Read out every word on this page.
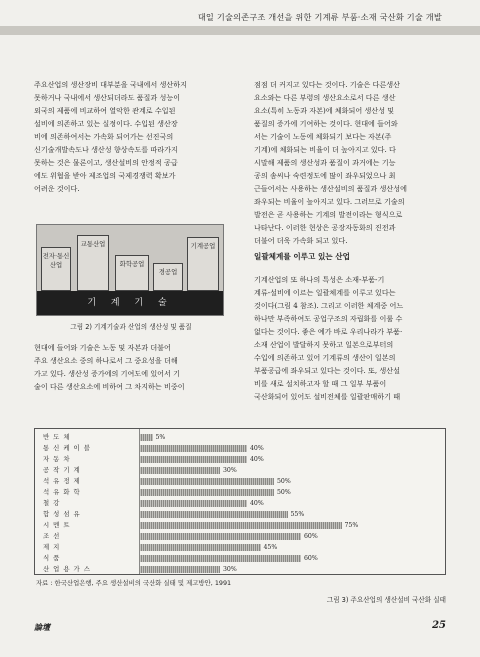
대일 기술의존구조 개선을 위한 기계류 부품·소재 국산화 기술 개발

주요산업의 생산장비 대부분을 국내에서 생산하지

못하거나 국내에서 생산되더라도 품질과 성능이

외국의 제품에 비교하여 열악한 관계로 수입된

설비에 의존하고 있는 실정이다. 수입된 생산장

비에 의존하여서는 가속화 되어가는 선진국의

신기술개발속도나 생산성 향상속도를 따라가지

못하는 것은 물론이고, 생산설비의 안정적 공급

에도 위협을 받아 제조업의 국제경쟁력 확보가

어려운 것이다.

전자·통신산업
교통산업
화학공업
경공업
기계공업
기 계 기 술
그림 2) 기계기술과 산업의 생산성 및 품질

현대에 들어와 기술은 노동 및 자본과 더불어

주요 생산요소 중의 하나로서 그 중요성을 더해

가고 있다. 생산성 증가에의 기여도에 있어서 기

술이 다른 생산요소에 비하여 그 차지하는 비중이

점점 더 커지고 있다는 것이다. 기술은 다른생산

요소와는 다른 부령의 생산요소로서 다른 생산

요소(특히 노동과 자본)에 체화되어 생산성 및

품질의 증가에 기여하는 것이다. 현대에 들어와

서는 기술이 노동에 체화되기 보다는 자본(주

기계)에 체화되는 비율이 더 높아지고 있다. 다

시말해 제품의 생산성과 품질이 과거에는 기능

공의 솜씨나 숙련정도에 많이 좌우되었으나 최

근들어서는 사용하는 생산설비의 품질과 생산성에

좌우되는 비율이 높아지고 있다. 그러므로 기술의

발전은 곧 사용하는 기계의 발전이라는 형식으로

나타난다. 이러한 현상은 공장자동화의 진전과

더불어 더욱 가속화 되고 있다.

일괄체계를 이루고 있는 산업

기계산업의 또 하나의 특성은 소재-부품-기

계류-설비에 이르는 일괄체계를 이루고 있다는

것이다(그림 4 참조). 그리고 이러한 체계중 어느

하나만 부족하여도 공업구조의 자립화를 이룰 수

없다는 것이다. 좋은 예가 바로 우리나라가 부품·

소재 산업이 발달하지 못하고 일본으로부터의

수입에 의존하고 있어 기계류의 생산이 일본의

부품공급에 좌우되고 있다는 것이다. 또, 생산설

비를 새로 설치하고자 할 때 그 일부 부품이

국산화되어 있어도 설비전체를 일괄판매하기 때

반도체	5%
통신케이블	40%
자동차	40%
공작기계	30%
석유정제	50%
석유화학	50%
철강	40%
합성섬유	55%
시멘트	75%
조선	60%
제지	45%
식품	60%
산업용가스	30%
자료 : 한국산업은행, 주요 생산설비의 국산화 실태 및 제고방안, 1991
그림 3) 주요산업의 생산설비 국산화 실태
論壇	25
